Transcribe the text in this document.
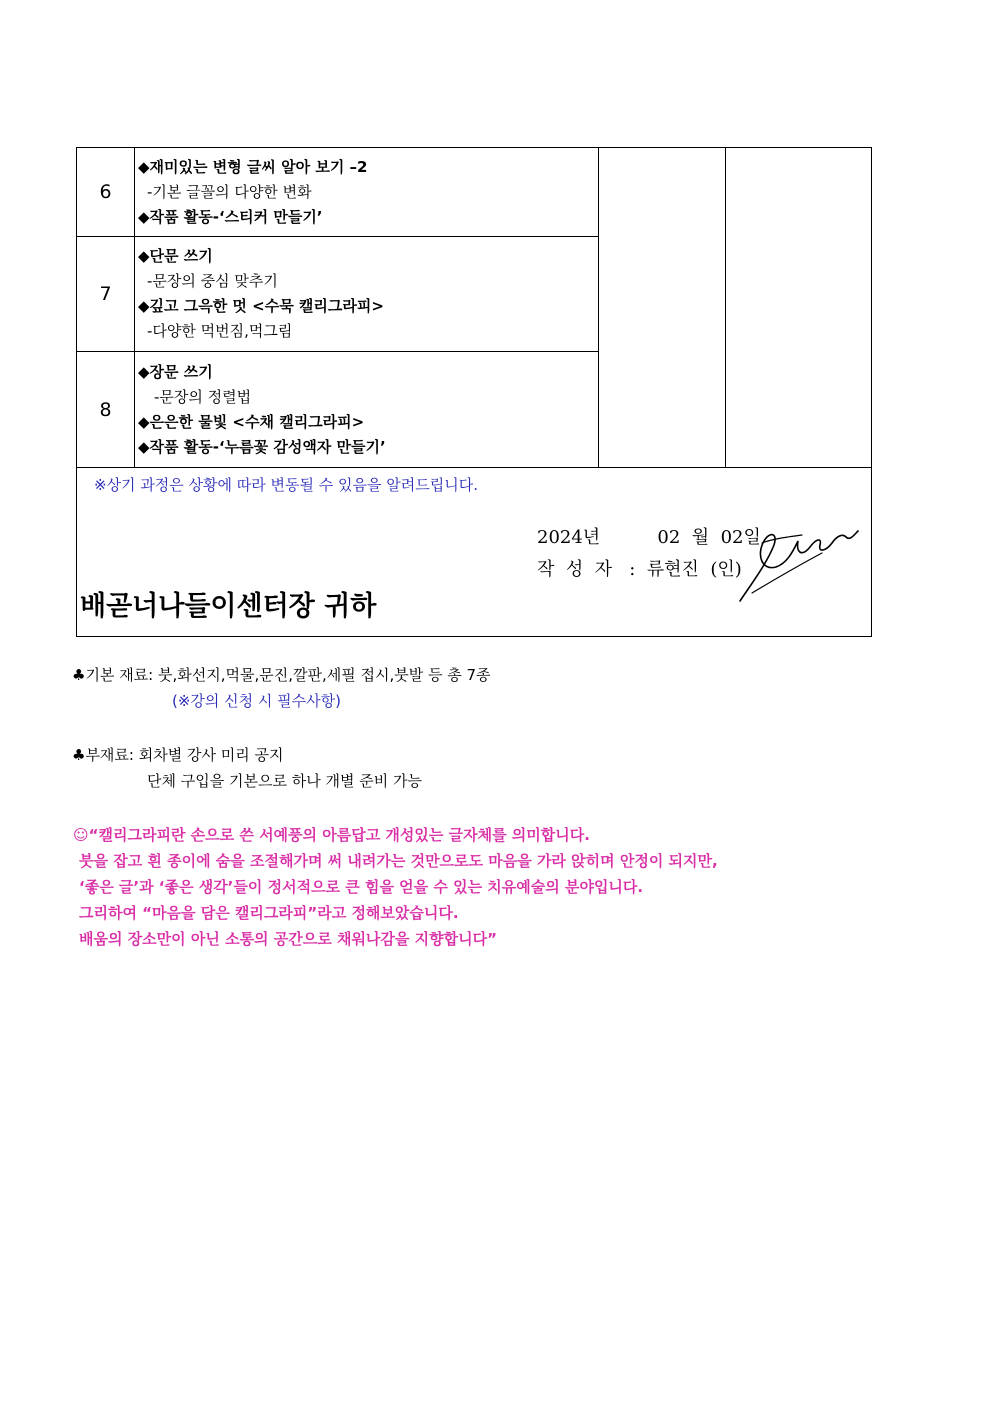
6	◆재미있는 변형 글씨 알아 보기 –2
-기본 글꼴의 다양한 변화
◆작품 활동-‘스티커 만들기’		

7	◆단문 쓰기
-문장의 중심 맞추기
◆깊고 그윽한 멋 <수묵 캘리그라피>
-다양한 먹번짐,먹그림		

8	◆장문 쓰기
-문장의 정렬법
◆은은한 물빛 <수채 캘리그라피>
◆작품 활동-‘누름꽃 감성액자 만들기’		

※상기 과정은 상황에 따라 변동될 수 있음을 알려드립니다.
2024년          02  월  02일
작  성  자   :  류현진  (인)
배곧너나들이센터장 귀하			
♣기본 재료: 붓,화선지,먹물,문진,깔판,세필 접시,붓발 등 총 7종
(※강의 신청 시 필수사항)
♣부재료: 회차별 강사 미리 공지
단체 구입을 기본으로 하나 개별 준비 가능
☺“캘리그라피란 손으로 쓴 서예풍의 아름답고 개성있는 글자체를 의미합니다.
붓을 잡고 흰 종이에 숨을 조절해가며 써 내려가는 것만으로도 마음을 가라 앉히며 안정이 되지만,
‘좋은 글’과 ‘좋은 생각’들이 정서적으로 큰 힘을 얻을 수 있는 치유예술의 분야입니다.
그리하여 “마음을 담은 캘리그라피”라고 정해보았습니다.
배움의 장소만이 아닌 소통의 공간으로 채워나감을 지향합니다”
